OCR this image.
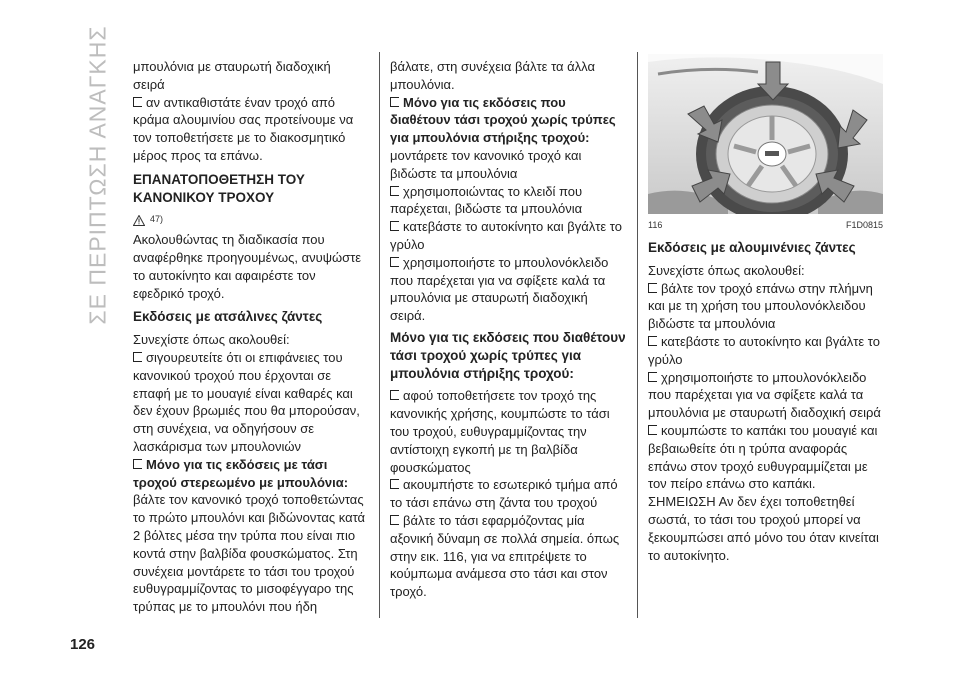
ΣΕ ΠΕΡΙΠΤΩΣΗ ΑΝΑΓΚΗΣ μπουλόνια με σταυρωτή διαδοχική

σειρά

αν αντικαθιστάτε έναν τροχό από κράμα αλουμινίου σας προτείνουμε να τον τοποθετήσετε με το διακοσμητικό μέρος προς τα επάνω.

ΕΠΑΝΑΤΟΠΟΘΕΤΗΣΗ ΤΟΥ ΚΑΝΟΝΙΚΟΥ ΤΡΟΧΟΥ
47)

Ακολουθώντας τη διαδικασία που αναφέρθηκε προηγουμένως, ανυψώστε το αυτοκίνητο και αφαιρέστε τον εφεδρικό τροχό.

Εκδόσεις με ατσάλινες ζάντες

Συνεχίστε όπως ακολουθεί:

σιγουρευτείτε ότι οι επιφάνειες του κανονικού τροχού που έρχονται σε επαφή με το μουαγιέ είναι καθαρές και δεν έχουν βρωμιές που θα μπορούσαν, στη συνέχεια, να οδηγήσουν σε λασκάρισμα των μπουλονιών

Μόνο για τις εκδόσεις με τάσι τροχού στερεωμένο με μπουλόνια: βάλτε τον κανονικό τροχό τοποθετώντας το πρώτο μπουλόνι και βιδώνοντας κατά 2 βόλτες μέσα την τρύπα που είναι πιο κοντά στην βαλβίδα φουσκώματος. Στη συνέχεια μοντάρετε το τάσι του τροχού ευθυγραμμίζοντας το μισοφέγγαρο της τρύπας με το μπουλόνι που ήδη

βάλατε, στη συνέχεια βάλτε τα άλλα μπουλόνια.

Μόνο για τις εκδόσεις που διαθέτουν τάσι τροχού χωρίς τρύπες για μπουλόνια στήριξης τροχού: μοντάρετε τον κανονικό τροχό και βιδώστε τα μπουλόνια

χρησιμοποιώντας το κλειδί που παρέχεται, βιδώστε τα μπουλόνια

κατεβάστε το αυτοκίνητο και βγάλτε το γρύλο

χρησιμοποιήστε το μπουλονόκλειδο που παρέχεται για να σφίξετε καλά τα μπουλόνια με σταυρωτή διαδοχική σειρά.

Μόνο για τις εκδόσεις που διαθέτουν τάσι τροχού χωρίς τρύπες για μπουλόνια στήριξης τροχού:

αφού τοποθετήσετε τον τροχό της κανονικής χρήσης, κουμπώστε το τάσι του τροχού, ευθυγραμμίζοντας την αντίστοιχη εγκοπή με τη βαλβίδα φουσκώματος

ακουμπήστε το εσωτερικό τμήμα από το τάσι επάνω στη ζάντα του τροχού

βάλτε το τάσι εφαρμόζοντας μία αξονική δύναμη σε πολλά σημεία. όπως στην εικ. 116, για να επιτρέψετε το κούμπωμα ανάμεσα στο τάσι και στον τροχό.

116	F1D0815
Εκδόσεις με αλουμινένιες ζάντες

Συνεχίστε όπως ακολουθεί:

βάλτε τον τροχό επάνω στην πλήμνη και με τη χρήση του μπουλονόκλειδου βιδώστε τα μπουλόνια

κατεβάστε το αυτοκίνητο και βγάλτε το γρύλο

χρησιμοποιήστε το μπουλονόκλειδο που παρέχεται για να σφίξετε καλά τα μπουλόνια με σταυρωτή διαδοχική σειρά

κουμπώστε το καπάκι του μουαγιέ και βεβαιωθείτε ότι η τρύπα αναφοράς επάνω στον τροχό ευθυγραμμίζεται με τον πείρο επάνω στο καπάκι.

ΣΗΜΕΙΩΣΗ Αν δεν έχει τοποθετηθεί σωστά, το τάσι του τροχού μπορεί να ξεκουμπώσει από μόνο του όταν κινείται το αυτοκίνητο.

126
